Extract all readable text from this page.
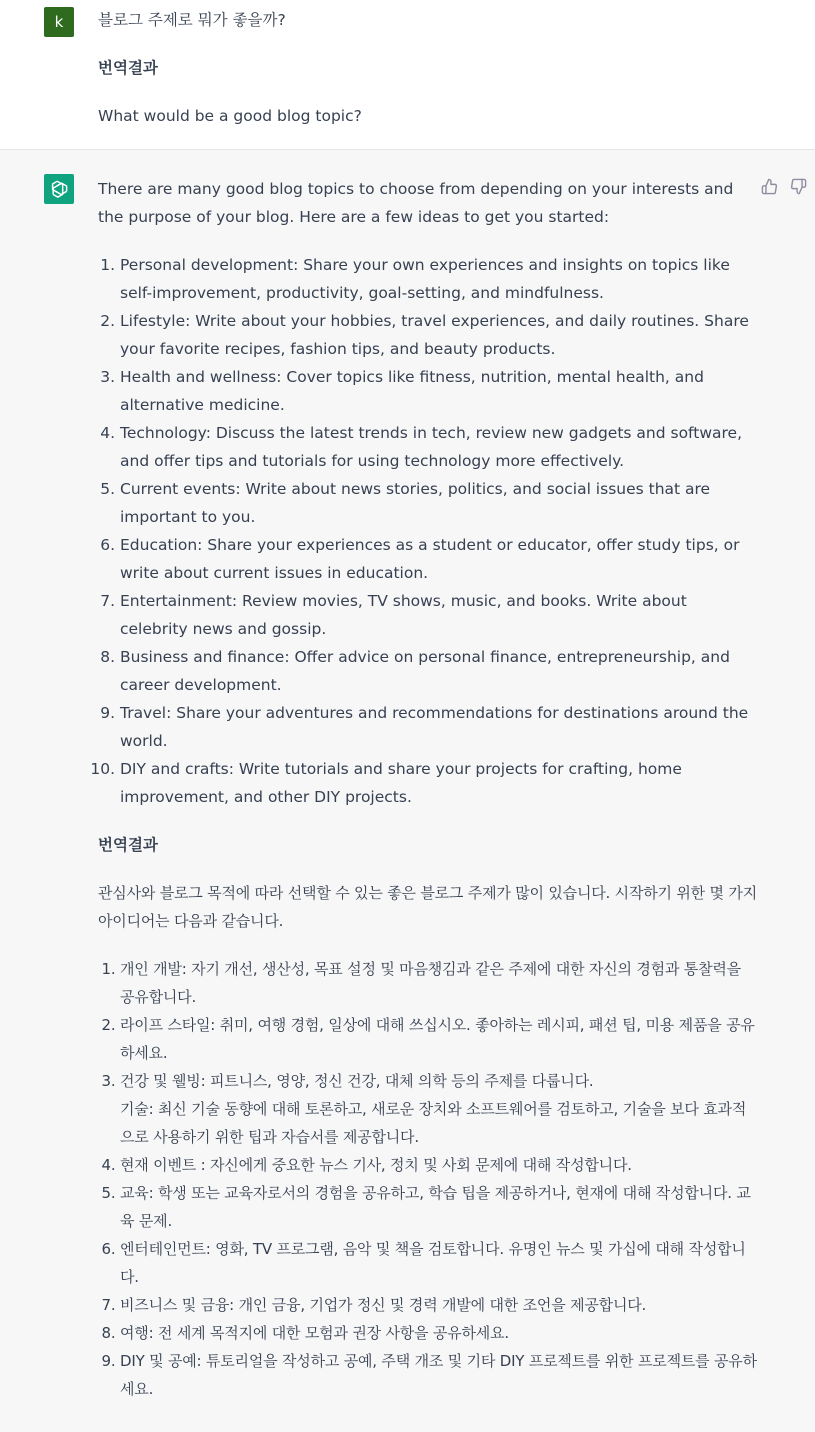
k	블로그 주제로 뭐가 좋을까?

번역결과

What would be a good blog topic?

There are many good blog topics to choose from depending on your interests and the purpose of your blog. Here are a few ideas to get you started:

1. Personal development: Share your own experiences and insights on topics like self-improvement, productivity, goal-setting, and mindfulness.
2. Lifestyle: Write about your hobbies, travel experiences, and daily routines. Share your favorite recipes, fashion tips, and beauty products.
3. Health and wellness: Cover topics like fitness, nutrition, mental health, and alternative medicine.
4. Technology: Discuss the latest trends in tech, review new gadgets and software, and offer tips and tutorials for using technology more effectively.
5. Current events: Write about news stories, politics, and social issues that are important to you.
6. Education: Share your experiences as a student or educator, offer study tips, or write about current issues in education.
7. Entertainment: Review movies, TV shows, music, and books. Write about celebrity news and gossip.
8. Business and finance: Offer advice on personal finance, entrepreneurship, and career development.
9. Travel: Share your adventures and recommendations for destinations around the world.
10. DIY and crafts: Write tutorials and share your projects for crafting, home improvement, and other DIY projects.

번역결과

관심사와 블로그 목적에 따라 선택할 수 있는 좋은 블로그 주제가 많이 있습니다. 시작하기 위한 몇 가지 아이디어는 다음과 같습니다.

1. 개인 개발: 자기 개선, 생산성, 목표 설정 및 마음챙김과 같은 주제에 대한 자신의 경험과 통찰력을 공유합니다.
2. 라이프 스타일: 취미, 여행 경험, 일상에 대해 쓰십시오. 좋아하는 레시피, 패션 팁, 미용 제품을 공유하세요.
3. 건강 및 웰빙: 피트니스, 영양, 정신 건강, 대체 의학 등의 주제를 다룹니다.
기술: 최신 기술 동향에 대해 토론하고, 새로운 장치와 소프트웨어를 검토하고, 기술을 보다 효과적으로 사용하기 위한 팁과 자습서를 제공합니다.
4. 현재 이벤트 : 자신에게 중요한 뉴스 기사, 정치 및 사회 문제에 대해 작성합니다.
5. 교육: 학생 또는 교육자로서의 경험을 공유하고, 학습 팁을 제공하거나, 현재에 대해 작성합니다. 교육 문제.
6. 엔터테인먼트: 영화, TV 프로그램, 음악 및 책을 검토합니다. 유명인 뉴스 및 가십에 대해 작성합니다.
7. 비즈니스 및 금융: 개인 금융, 기업가 정신 및 경력 개발에 대한 조언을 제공합니다.
8. 여행: 전 세계 목적지에 대한 모험과 권장 사항을 공유하세요.
9. DIY 및 공예: 튜토리얼을 작성하고 공예, 주택 개조 및 기타 DIY 프로젝트를 위한 프로젝트를 공유하세요.
